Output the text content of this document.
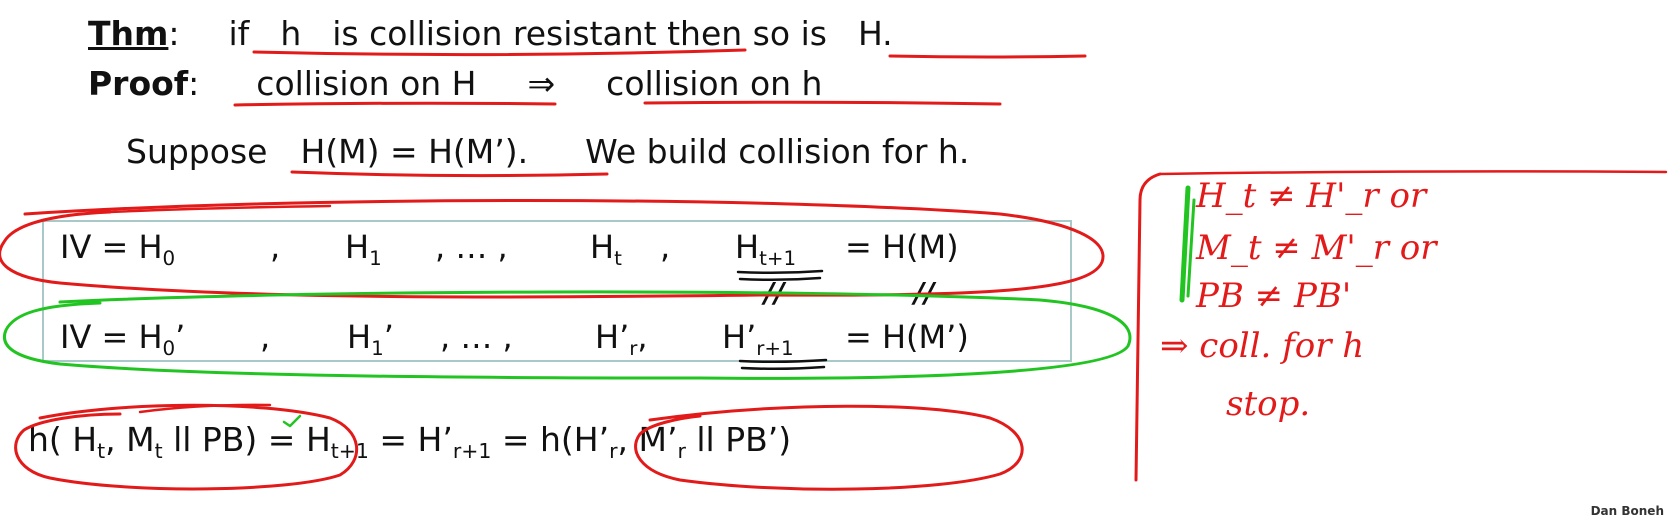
Thm: if h is collision resistant then so is H.
Proof: collision on H ⇒ collision on h
Suppose H(M) = H(M’). We build collision for h.
IV = $H_0$	, $H_1$ , … ,	$H_t$ , $H_{t+1} = H(M)$
IV = $H_0$’ , $H_1$’ , … ,	$H’_r$, $H’_{r+1}$ = H(M’)
//	//
h( $H_t$, $M_t$ ll $PB) = H_{t+1}$ = $H’_{r+1}$ = $h(H’_r$, $M’_r$ ll PB’)
H_t ≠ H'_r or
M_t ≠ M'_r or
PB ≠ PB'
⇒ coll. for h
stop.
Dan Boneh
